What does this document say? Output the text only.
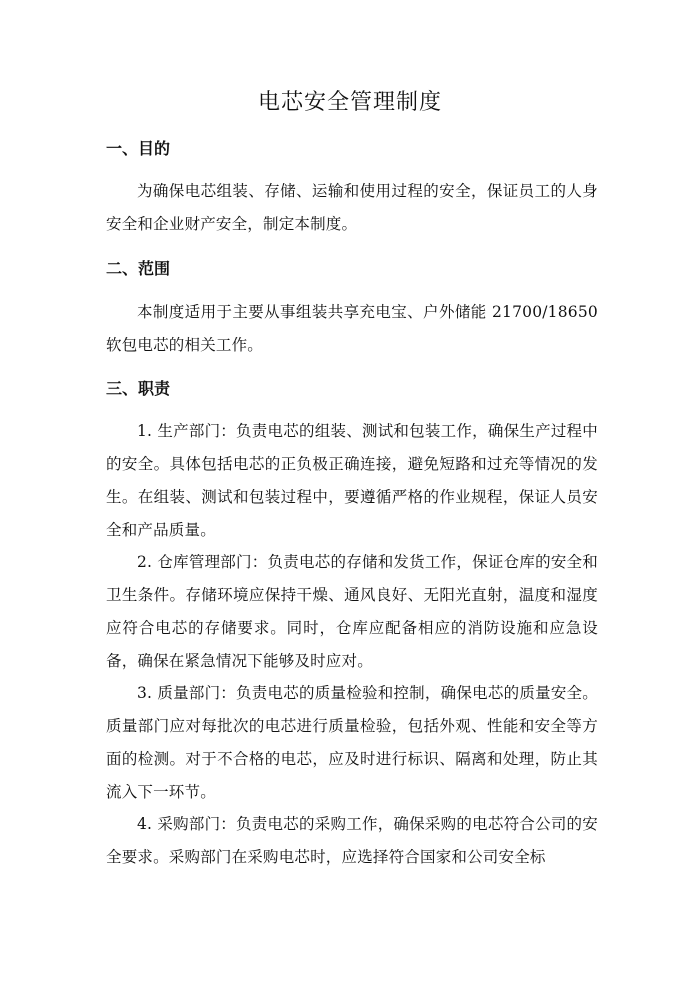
电芯安全管理制度
一、目的
为确保电芯组装、存储、运输和使用过程的安全，保证员工的人身安全和企业财产安全，制定本制度。
二、范围
本制度适用于主要从事组装共享充电宝、户外储能 21700/18650 软包电芯的相关工作。
三、职责
1. 生产部门：负责电芯的组装、测试和包装工作，确保生产过程中的安全。具体包括电芯的正负极正确连接，避免短路和过充等情况的发生。在组装、测试和包装过程中，要遵循严格的作业规程，保证人员安全和产品质量。
2. 仓库管理部门：负责电芯的存储和发货工作，保证仓库的安全和卫生条件。存储环境应保持干燥、通风良好、无阳光直射，温度和湿度应符合电芯的存储要求。同时，仓库应配备相应的消防设施和应急设备，确保在紧急情况下能够及时应对。
3. 质量部门：负责电芯的质量检验和控制，确保电芯的质量安全。质量部门应对每批次的电芯进行质量检验，包括外观、性能和安全等方面的检测。对于不合格的电芯，应及时进行标识、隔离和处理，防止其流入下一环节。
4. 采购部门：负责电芯的采购工作，确保采购的电芯符合公司的安全要求。采购部门在采购电芯时，应选择符合国家和公司安全标
